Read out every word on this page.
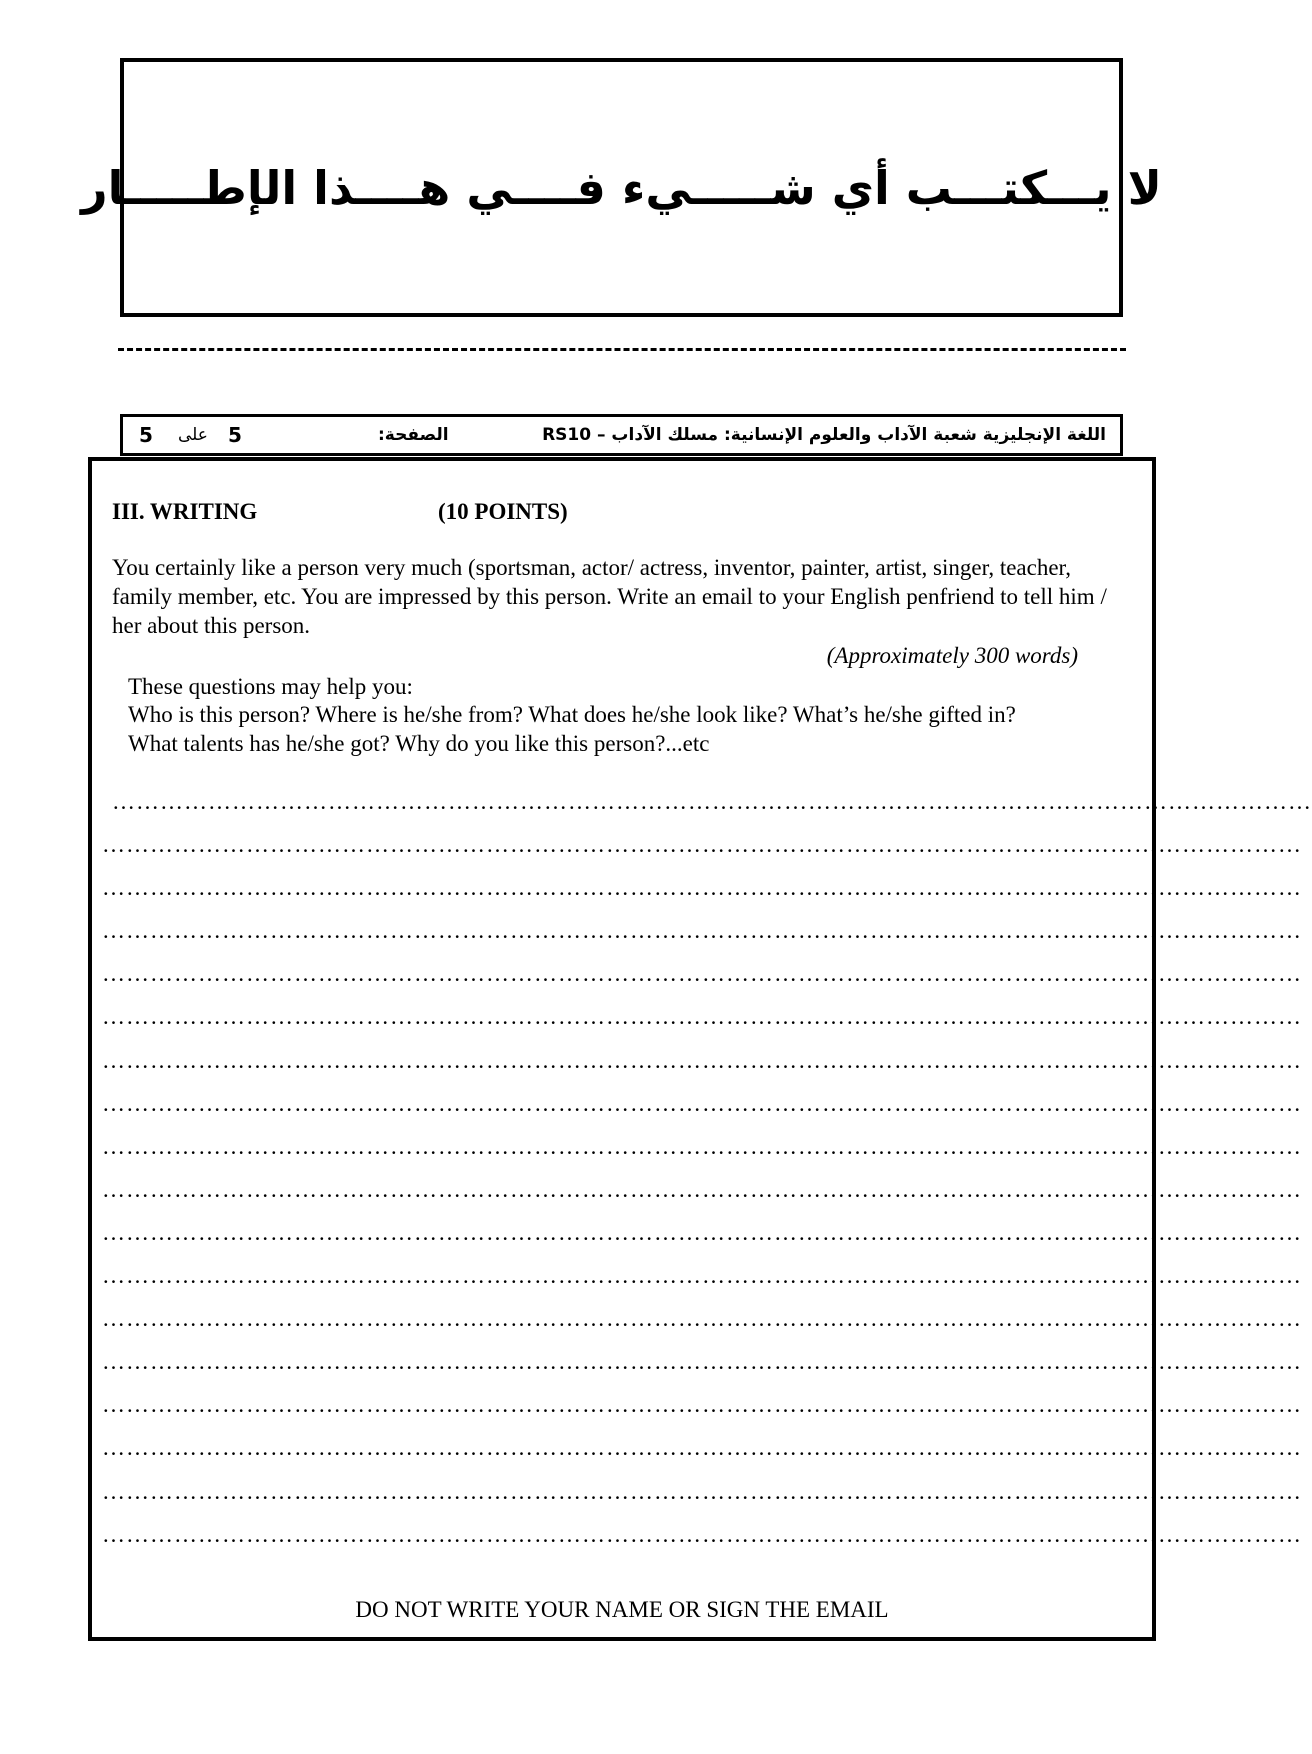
لا يـــكتـــب أي شـــــيء فــــي هــــذا الإطـــــار
اللغة الإنجليزية شعبة الآداب والعلوم الإنسانية: مسلك الآداب – RS10
الصفحة:
5
على
5
III. WRITING	(10 POINTS)
You certainly like a person very much (sportsman, actor/ actress, inventor, painter, artist, singer, teacher, family member, etc. You are impressed by this person. Write an email to your English penfriend to tell him / her about this person.
(Approximately 300 words)
These questions may help you:
Who is this person? Where is he/she from? What does he/she look like? What’s he/she gifted in?
What talents has he/she got? Why do you like this person?...etc
……………………………………………………………………………………………………………………………………
……………………………………………………………………………………………………………………………………
……………………………………………………………………………………………………………………………………
……………………………………………………………………………………………………………………………………
……………………………………………………………………………………………………………………………………
……………………………………………………………………………………………………………………………………
……………………………………………………………………………………………………………………………………
……………………………………………………………………………………………………………………………………
……………………………………………………………………………………………………………………………………
……………………………………………………………………………………………………………………………………
……………………………………………………………………………………………………………………………………
……………………………………………………………………………………………………………………………………
……………………………………………………………………………………………………………………………………
……………………………………………………………………………………………………………………………………
……………………………………………………………………………………………………………………………………
……………………………………………………………………………………………………………………………………
……………………………………………………………………………………………………………………………………
……………………………………………………………………………………………………………………………………
DO NOT WRITE YOUR NAME OR SIGN THE EMAIL
